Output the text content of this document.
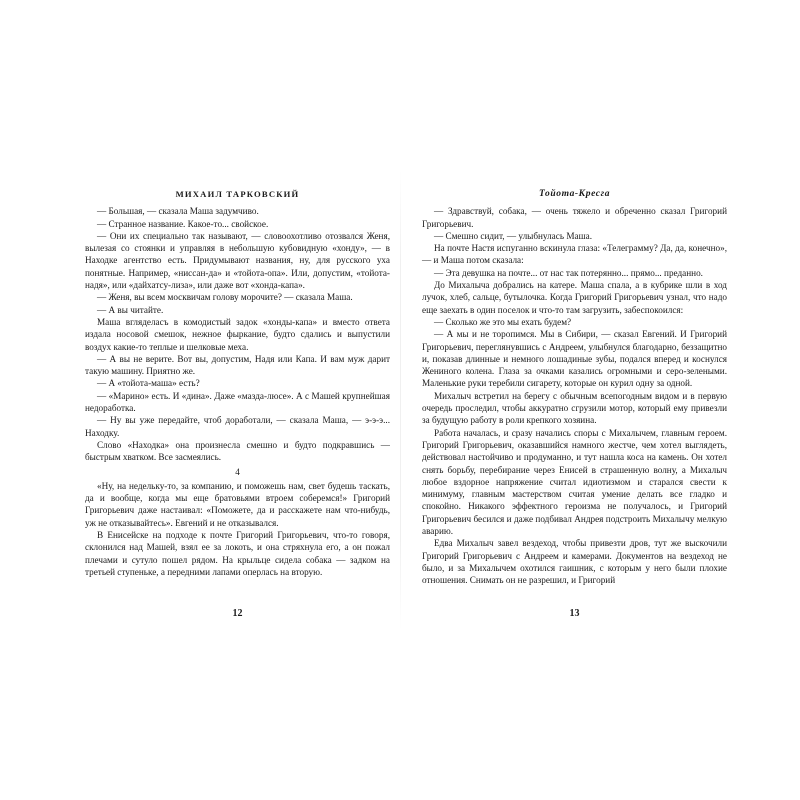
МИХАИЛ ТАРКОВСКИЙ

— Большая, — сказала Маша задумчиво.

— Странное название. Какое-то... свойское.

— Они их специально так называют, — словоохотливо отозвался Женя, вылезая со стоянки и управляя в небольшую кубовидную «хонду», — в Находке агентство есть. Придумывают названия, ну, для русского уха понятные. Например, «ниссан-да» и «тойота-опа». Или, допустим, «тойота-надя», или «дайхатсу-лиза», или даже вот «хонда-капа».

— Женя, вы всем москвичам голову морочите? — сказала Маша.

— А вы читайте.

Маша вгляделасъ в комодистый задок «хонды-капа» и вместо ответа издала носовой смешок, нежное фыркание, будто сдались и выпустили воздух какие-то теплые и шелковые меха.

— А вы не верите. Вот вы, допустим, Надя или Капа. И вам муж дарит такую машину. Приятно же.

— А «тойота-маша» есть?

— «Марино» есть. И «дина». Даже «мазда-люсе». А с Машей крупнейшая недоработка.

— Ну вы уже передайте, чтоб доработали, — сказала Маша, — э-э-э... Находку.

Слово «Находка» она произнесла смешно и будто подкравшись — быстрым хватком. Все засмеялись.

4

«Ну, на недельку-то, за компанию, и поможешь нам, свет будешь таскать, да и вообще, когда мы еще братовьями втроем соберемся!» Григорий Григорьевич даже настаивал: «Поможете, да и расскажете нам что-нибудь, уж не отказывайтесь». Евгений и не отказывался.

В Енисейске на подходе к почте Григорий Григорьевич, что-то говоря, склонился над Машей, взял ее за локоть, и она стряхнула его, а он пожал плечами и сутуло пошел рядом. На крыльце сидела собака — задком на третьей ступеньке, а передними лапами оперлась на вторую.

Тойота-Кресга

— Здравствуй, собака, — очень тяжело и обреченно сказал Григорий Григорьевич.

— Смешно сидит, — улыбнулась Маша.

На почте Настя испуганно вскинула глаза: «Телеграмму? Да, да, конечно», — и Маша потом сказала:

— Эта девушка на почте... от нас так потерянно... прямо... преданно.

До Михалыча добрались на катере. Маша спала, а в кубрике шли в ход лучок, хлеб, сальце, бутылочка. Когда Григорий Григорьевич узнал, что надо еще заехать в один поселок и что-то там загрузить, забеспокоился:

— Сколько же это мы ехать будем?

— А мы и не торопимся. Мы в Сибири, — сказал Евгений. И Григорий Григорьевич, переглянувшись с Андреем, улыбнулся благодарно, беззащитно и, показав длинные и немного лошадиные зубы, подался вперед и коснулся Жениного колена. Глаза за очками казались огромными и серо-зелеными. Маленькие руки теребили сигарету, которые он курил одну за одной.

Михалыч встретил на берегу с обычным всепогодным видом и в первую очередь проследил, чтобы аккуратно сгрузили мотор, который ему привезли за будущую работу в роли крепкого хозяина.

Работа началась, и сразу начались споры с Михалычем, главным героем. Григорий Григорьевич, оказавшийся намного жестче, чем хотел выглядеть, действовал настойчиво и продуманно, и тут нашла коса на камень. Он хотел снять борьбу, перебирание через Енисей в страшенную волну, а Михалыч любое вздорное напряжение считал идиотизмом и старался свести к минимуму, главным мастерством считая умение делать все гладко и спокойно. Никакого эффектного героизма не получалось, и Григорий Григорьевич бесился и даже подбивал Андрея подстроить Михалычу мелкую аварию.

Едва Михалыч завел вездеход, чтобы привезти дров, тут же выскочили Григорий Григорьевич с Андреем и камерами. Документов на вездеход не было, и за Михалычем охотился гаишник, с которым у него были плохие отношения. Снимать он не разрешил, и Григорий

12	13
